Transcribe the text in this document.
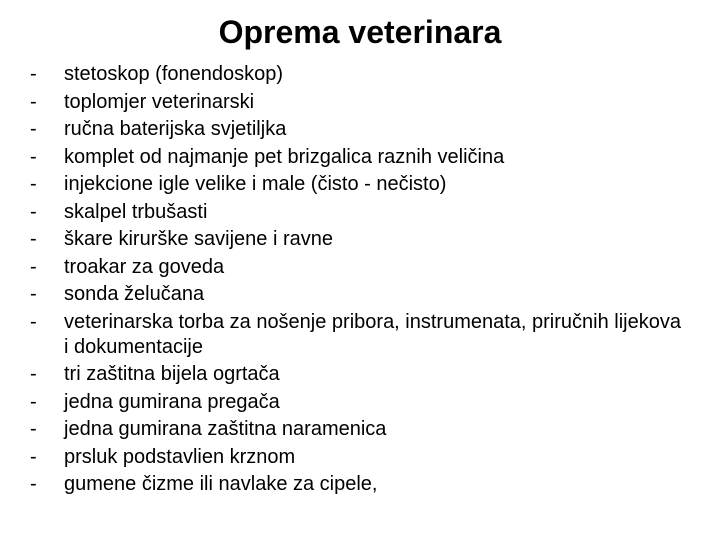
Oprema veterinara
- stetoskop (fonendoskop)
- toplomjer veterinarski
- ručna baterijska svjetiljka
- komplet od najmanje pet brizgalica raznih veličina
- injekcione igle velike i male (čisto - nečisto)
- skalpel trbušasti
- škare kirurške savijene i ravne
- troakar za goveda
- sonda želučana
- veterinarska torba za nošenje pribora, instrumenata, priručnih lijekova i dokumentacije
- tri zaštitna bijela ogrtača
- jedna gumirana pregača
- jedna gumirana zaštitna naramenica
- prsluk podstavlien krznom
- gumene čizme ili navlake za cipele,
